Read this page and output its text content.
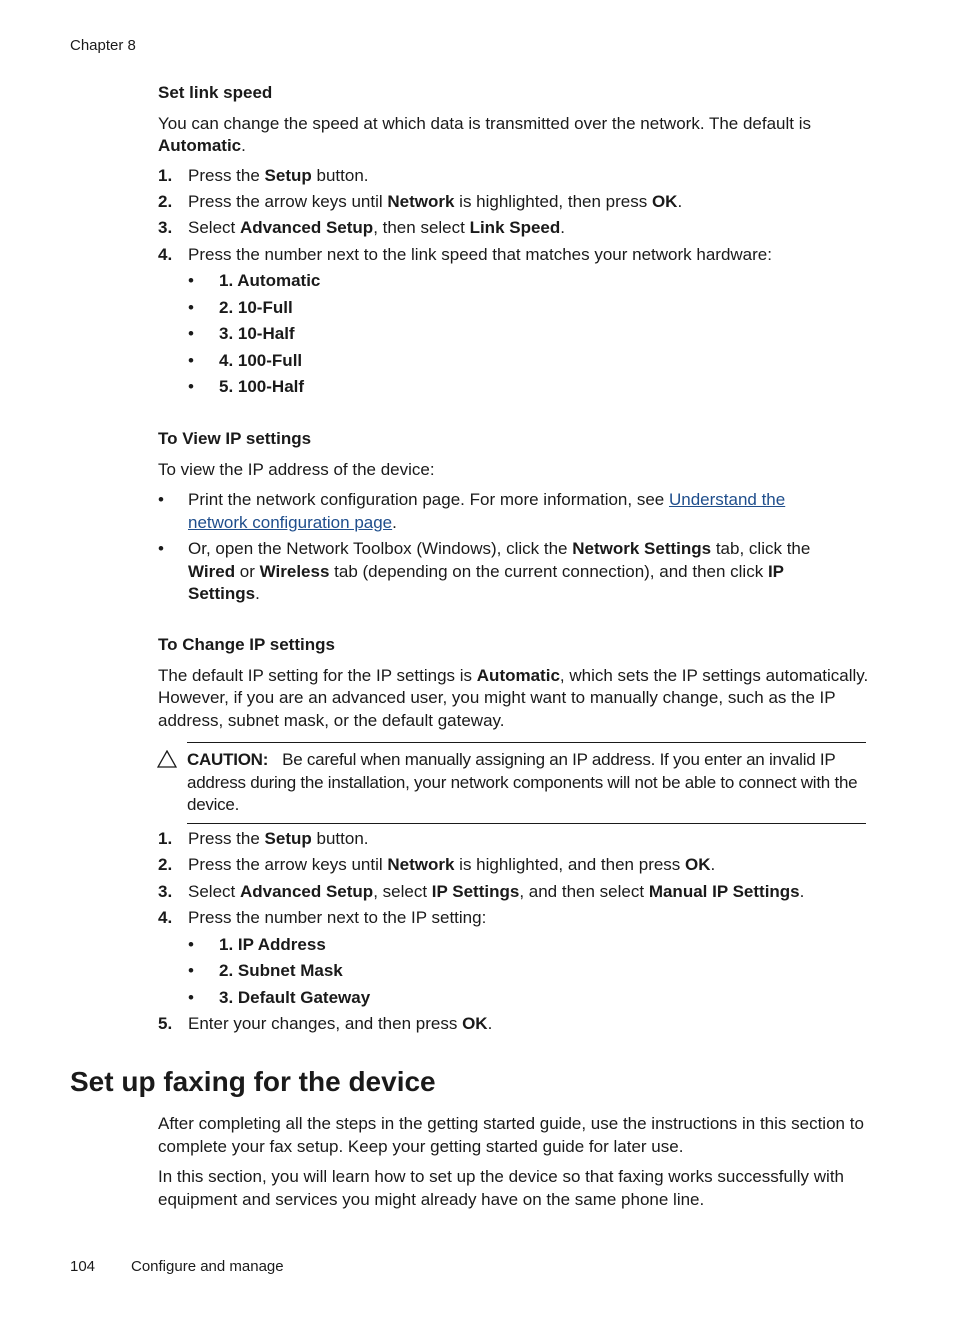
Chapter 8
Set link speed

You can change the speed at which data is transmitted over the network. The default is Automatic.

1. Press the Setup button.
2. Press the arrow keys until Network is highlighted, then press OK.
3. Select Advanced Setup, then select Link Speed.
4. Press the number next to the link speed that matches your network hardware:
• 1. Automatic
• 2. 10-Full
• 3. 10-Half
• 4. 100-Full
• 5. 100-Half
To View IP settings

To view the IP address of the device:

• Print the network configuration page. For more information, see Understand the network configuration page.
• Or, open the Network Toolbox (Windows), click the Network Settings tab, click the Wired or Wireless tab (depending on the current connection), and then click IP Settings.
To Change IP settings

The default IP setting for the IP settings is Automatic, which sets the IP settings automatically. However, if you are an advanced user, you might want to manually change, such as the IP address, subnet mask, or the default gateway.

CAUTION: Be careful when manually assigning an IP address. If you enter an invalid IP address during the installation, your network components will not be able to connect with the device.
1. Press the Setup button.
2. Press the arrow keys until Network is highlighted, and then press OK.
3. Select Advanced Setup, select IP Settings, and then select Manual IP Settings.
4. Press the number next to the IP setting:
• 1. IP Address
• 2. Subnet Mask
• 3. Default Gateway
5. Enter your changes, and then press OK.
Set up faxing for the device

After completing all the steps in the getting started guide, use the instructions in this section to complete your fax setup. Keep your getting started guide for later use.

In this section, you will learn how to set up the device so that faxing works successfully with equipment and services you might already have on the same phone line.

104 Configure and manage
